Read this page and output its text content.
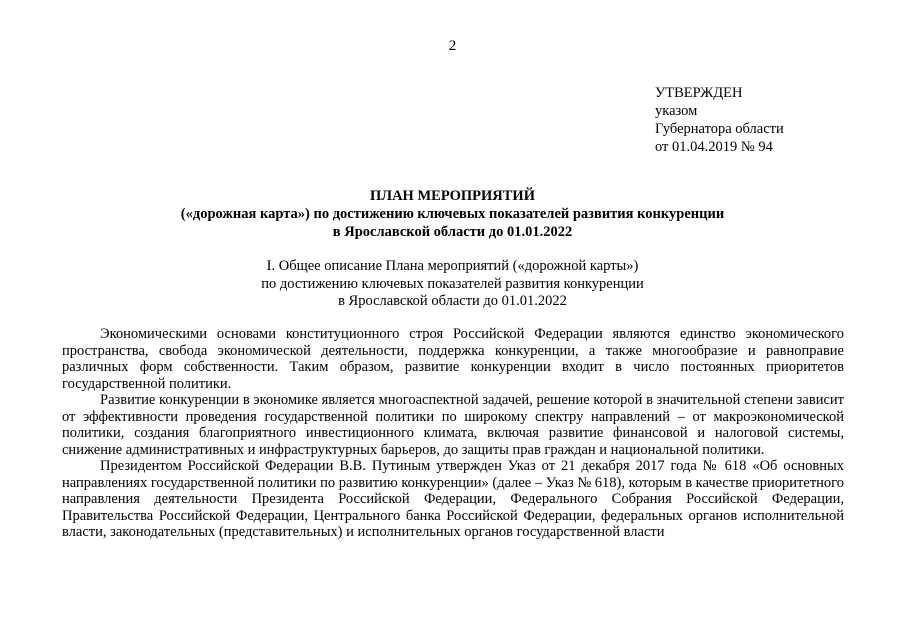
2
УТВЕРЖДЕН
указом
Губернатора области
от 01.04.2019 № 94
ПЛАН МЕРОПРИЯТИЙ
(«дорожная карта») по достижению ключевых показателей развития конкуренции
в Ярославской области до 01.01.2022
I. Общее описание Плана мероприятий («дорожной карты»)
по достижению ключевых показателей развития конкуренции
в Ярославской области до 01.01.2022

Экономическими основами конституционного строя Российской Федерации являются единство экономического пространства, свобода экономической деятельности, поддержка конкуренции, а также многообразие и равноправие различных форм собственности. Таким образом, развитие конкуренции входит в число постоянных приоритетов государственной политики.

Развитие конкуренции в экономике является многоаспектной задачей, решение которой в значительной степени зависит от эффективности проведения государственной политики по широкому спектру направлений – от макроэкономической политики, создания благоприятного инвестиционного климата, включая развитие финансовой и налоговой системы, снижение административных и инфраструктурных барьеров, до защиты прав граждан и национальной политики.

Президентом Российской Федерации В.В. Путиным утвержден Указ от 21 декабря 2017 года № 618 «Об основных направлениях государственной политики по развитию конкуренции» (далее – Указ № 618), которым в качестве приоритетного направления деятельности Президента Российской Федерации, Федерального Собрания Российской Федерации, Правительства Российской Федерации, Центрального банка Российской Федерации, федеральных органов исполнительной власти, законодательных (представительных) и исполнительных органов государственной власти
